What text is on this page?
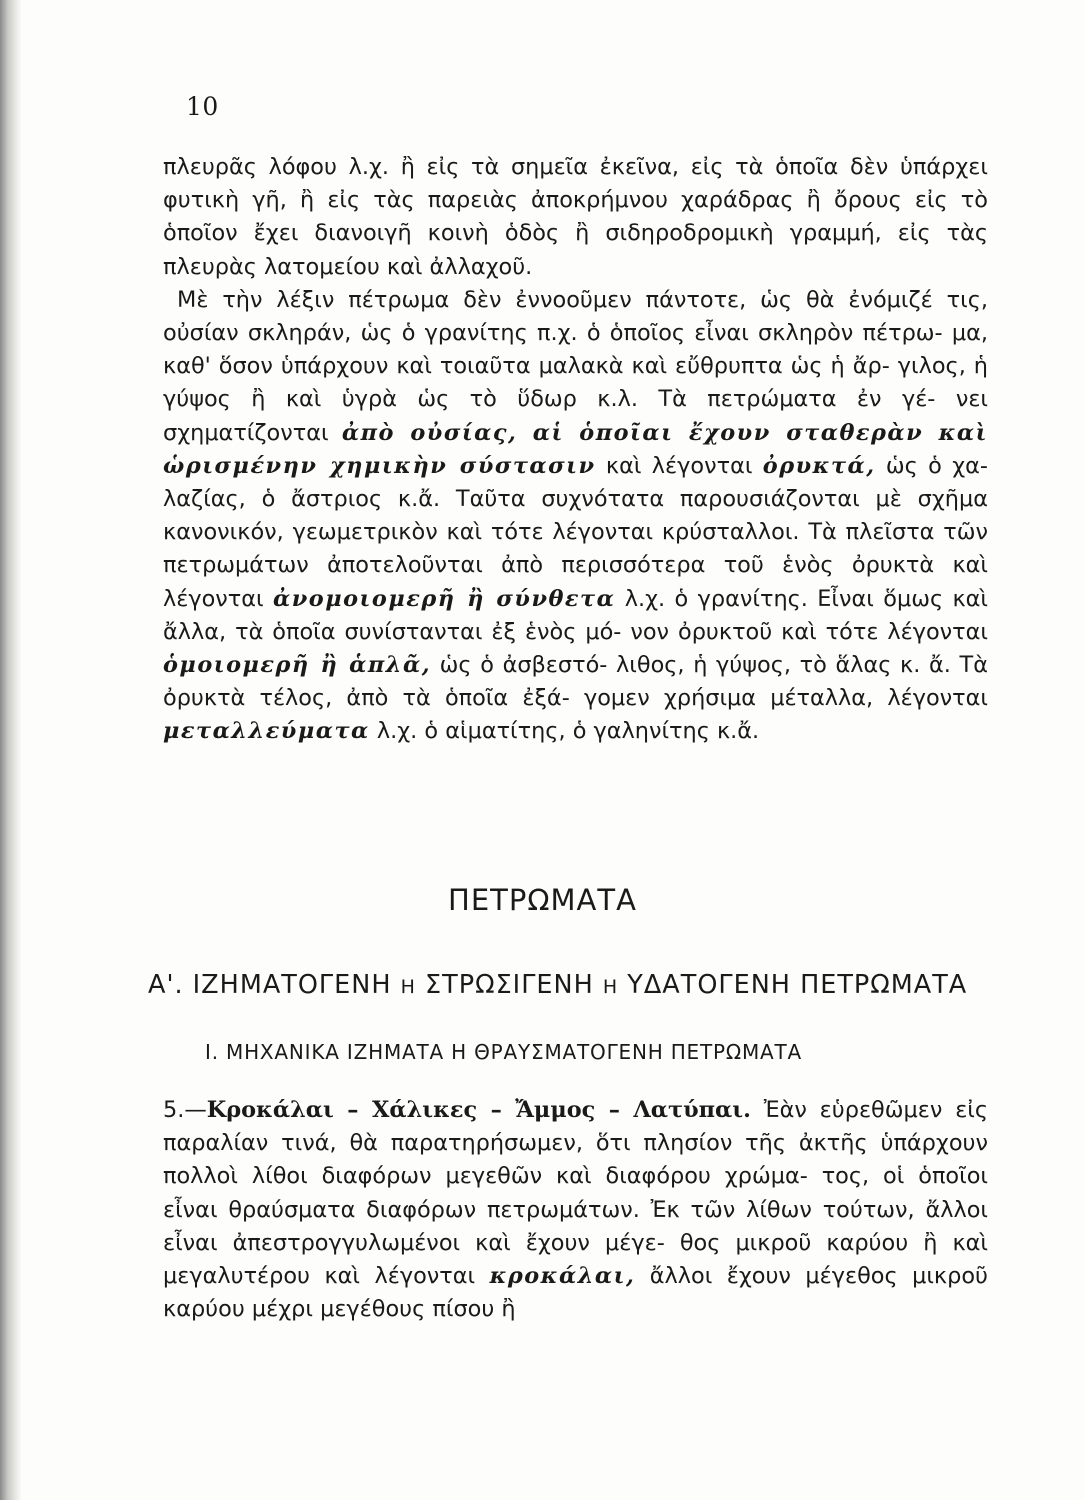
10

πλευρᾶς λόφου λ.χ. ἢ εἰς τὰ σημεῖα ἐκεῖνα, εἰς τὰ ὁποῖα δὲν ὑπάρχει φυτικὴ γῆ, ἢ εἰς τὰς παρειὰς ἀποκρήμνου χαράδρας ἢ ὄρους εἰς τὸ ὁποῖον ἔχει διανοιγῆ κοινὴ ὁδὸς ἢ σιδηροδρομικὴ γραμμή, εἰς τὰς πλευρὰς λατομείου καὶ ἀλλαχοῦ.

Μὲ τὴν λέξιν πέτρωμα δὲν ἐννοοῦμεν πάντοτε, ὡς θὰ ἐνόμιζέ τις, οὐσίαν σκληράν, ὡς ὁ γρανίτης π.χ. ὁ ὁποῖος εἶναι σκληρὸν πέτρω- μα, καθ' ὅσον ὑπάρχουν καὶ τοιαῦτα μαλακὰ καὶ εὔθρυπτα ὡς ἡ ἄρ- γιλος, ἡ γύψος ἢ καὶ ὑγρὰ ὡς τὸ ὕδωρ κ.λ. Τὰ πετρώματα ἐν γέ- νει σχηματίζονται ἀπὸ οὐσίας, αἱ ὁποῖαι ἔχουν σταθερὰν καὶ ὡρισμένην χημικὴν σύστασιν καὶ λέγονται ὀρυκτά, ὡς ὁ χα- λαζίας, ὁ ἄστριος κ.ἄ. Ταῦτα συχνότατα παρουσιάζονται μὲ σχῆμα κανονικόν, γεωμετρικὸν καὶ τότε λέγονται κρύσταλλοι. Τὰ πλεῖστα τῶν πετρωμάτων ἀποτελοῦνται ἀπὸ περισσότερα τοῦ ἑνὸς ὀρυκτὰ καὶ λέγονται ἀνομοιομερῆ ἢ σύνθετα λ.χ. ὁ γρανίτης. Εἶναι ὅμως καὶ ἄλλα, τὰ ὁποῖα συνίστανται ἐξ ἑνὸς μό- νον ὀρυκτοῦ καὶ τότε λέγονται ὁμοιομερῆ ἢ ἁπλᾶ, ὡς ὁ ἀσβεστό- λιθος, ἡ γύψος, τὸ ἅλας κ. ἄ. Τὰ ὀρυκτὰ τέλος, ἀπὸ τὰ ὁποῖα ἐξά- γομεν χρήσιμα μέταλλα, λέγονται μεταλλεύματα λ.χ. ὁ αἱματίτης, ὁ γαληνίτης κ.ἄ.

ΠΕΤΡΩΜΑΤΑ
Α'. ΙΖΗΜΑΤΟΓΕΝΗ Η ΣΤΡΩΣΙΓΕΝΗ Η ΥΔΑΤΟΓΕΝΗ ΠΕΤΡΩΜΑΤΑ
Ι. ΜΗΧΑΝΙΚΑ ΙΖΗΜΑΤΑ Η ΘΡΑΥΣΜΑΤΟΓΕΝΗ ΠΕΤΡΩΜΑΤΑ

5.—Κροκάλαι – Χάλικες – Ἄμμος – Λατύπαι. Ἐὰν εὑρεθῶμεν εἰς παραλίαν τινά, θὰ παρατηρήσωμεν, ὅτι πλησίον τῆς ἀκτῆς ὑπάρχουν πολλοὶ λίθοι διαφόρων μεγεθῶν καὶ διαφόρου χρώμα- τος, οἱ ὁποῖοι εἶναι θραύσματα διαφόρων πετρωμάτων. Ἐκ τῶν λίθων τούτων, ἄλλοι εἶναι ἀπεστρογγυλωμένοι καὶ ἔχουν μέγε- θος μικροῦ καρύου ἢ καὶ μεγαλυτέρου καὶ λέγονται κροκάλαι, ἄλλοι ἔχουν μέγεθος μικροῦ καρύου μέχρι μεγέθους πίσου ἢ
